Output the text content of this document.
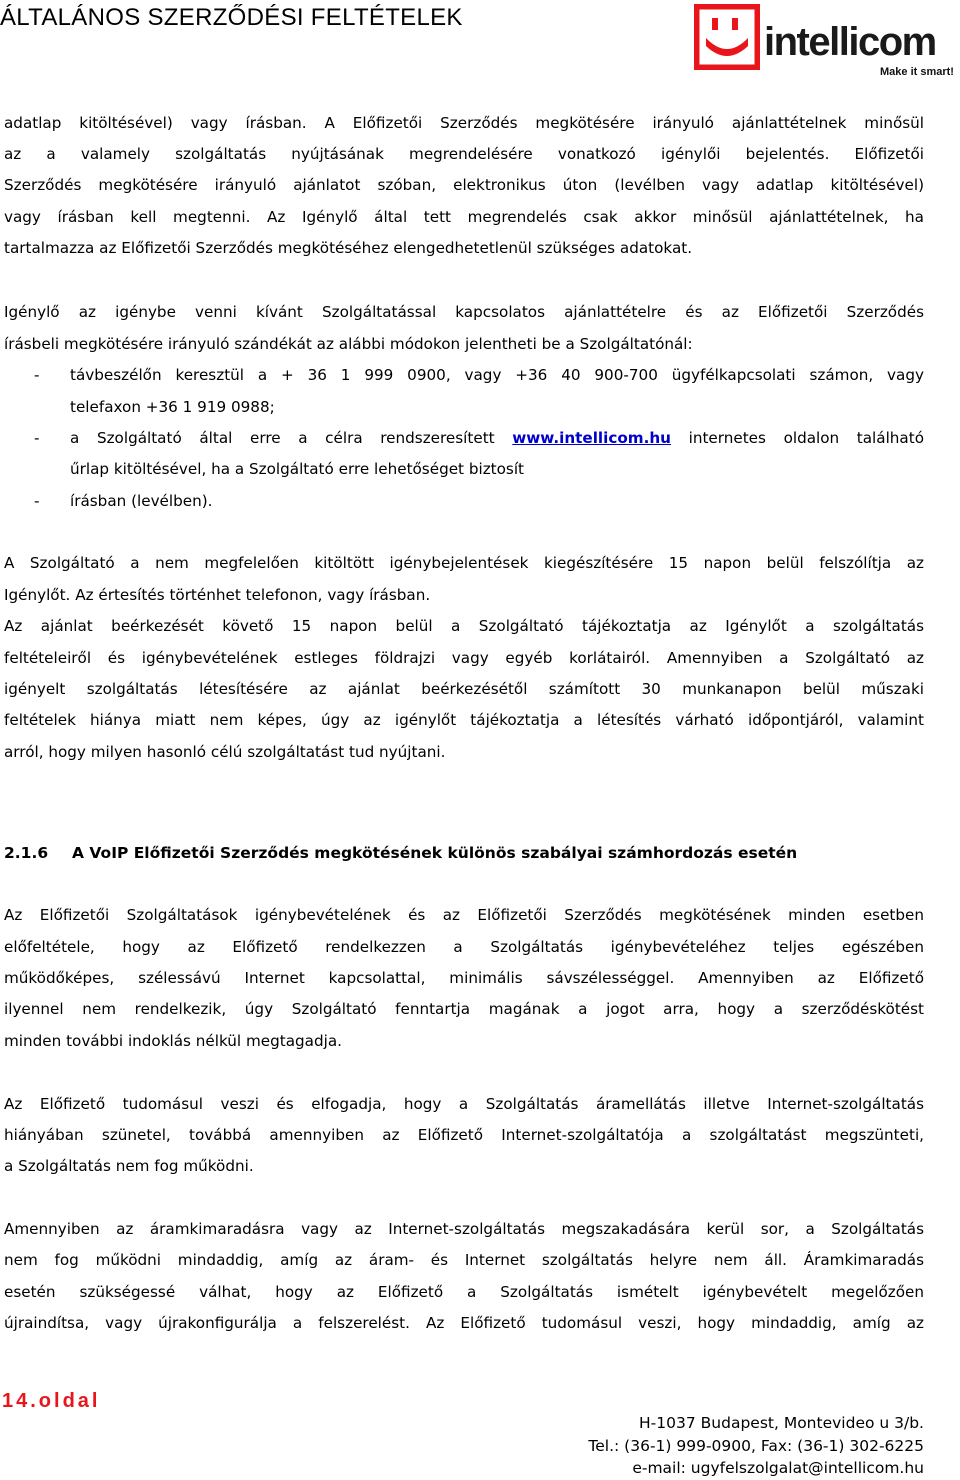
ÁLTALÁNOS SZERZŐDÉSI FELTÉTELEK
intellicom
Make it smart!

adatlap kitöltésével) vagy írásban. A Előfizetői Szerződés megkötésére irányuló ajánlattételnek minősül

az a valamely szolgáltatás nyújtásának megrendelésére vonatkozó igénylői bejelentés. Előfizetői

Szerződés megkötésére irányuló ajánlatot szóban, elektronikus úton (levélben vagy adatlap kitöltésével)

vagy írásban kell megtenni. Az Igénylő által tett megrendelés csak akkor minősül ajánlattételnek, ha

tartalmazza az Előfizetői Szerződés megkötéséhez elengedhetetlenül szükséges adatokat.

Igénylő az igénybe venni kívánt Szolgáltatással kapcsolatos ajánlattételre és az Előfizetői Szerződés

írásbeli megkötésére irányuló szándékát az alábbi módokon jelentheti be a Szolgáltatónál:

- távbeszélőn keresztül a + 36 1 999 0900, vagy +36 40 900-700 ügyfélkapcsolati számon, vagy

telefaxon +36 1 919 0988;

- a Szolgáltató által erre a célra rendszeresített www.intellicom.hu internetes oldalon található

űrlap kitöltésével, ha a Szolgáltató erre lehetőséget biztosít

- írásban (levélben).

A Szolgáltató a nem megfelelően kitöltött igénybejelentések kiegészítésére 15 napon belül felszólítja az

Igénylőt. Az értesítés történhet telefonon, vagy írásban.

Az ajánlat beérkezését követő 15 napon belül a Szolgáltató tájékoztatja az Igénylőt a szolgáltatás

feltételeiről és igénybevételének estleges földrajzi vagy egyéb korlátairól. Amennyiben a Szolgáltató az

igényelt szolgáltatás létesítésére az ajánlat beérkezésétől számított 30 munkanapon belül műszaki

feltételek hiánya miatt nem képes, úgy az igénylőt tájékoztatja a létesítés várható időpontjáról, valamint

arról, hogy milyen hasonló célú szolgáltatást tud nyújtani.

2.1.6 A VoIP Előfizetői Szerződés megkötésének különös szabályai számhordozás esetén

Az Előfizetői Szolgáltatások igénybevételének és az Előfizetői Szerződés megkötésének minden esetben

előfeltétele, hogy az Előfizető rendelkezzen a Szolgáltatás igénybevételéhez teljes egészében

működőképes, szélessávú Internet kapcsolattal, minimális sávszélességgel. Amennyiben az Előfizető

ilyennel nem rendelkezik, úgy Szolgáltató fenntartja magának a jogot arra, hogy a szerződéskötést

minden további indoklás nélkül megtagadja.

Az Előfizető tudomásul veszi és elfogadja, hogy a Szolgáltatás áramellátás illetve Internet-szolgáltatás

hiányában szünetel, továbbá amennyiben az Előfizető Internet-szolgáltatója a szolgáltatást megszünteti,

a Szolgáltatás nem fog működni.

Amennyiben az áramkimaradásra vagy az Internet-szolgáltatás megszakadására kerül sor, a Szolgáltatás

nem fog működni mindaddig, amíg az áram- és Internet szolgáltatás helyre nem áll. Áramkimaradás

esetén szükségessé válhat, hogy az Előfizető a Szolgáltatás ismételt igénybevételt megelőzően

újraindítsa, vagy újrakonfigurálja a felszerelést. Az Előfizető tudomásul veszi, hogy mindaddig, amíg az

14.oldal
H-1037 Budapest, Montevideo u 3/b.
Tel.: (36-1) 999-0900, Fax: (36-1) 302-6225
e-mail: ugyfelszolgalat@intellicom.hu
